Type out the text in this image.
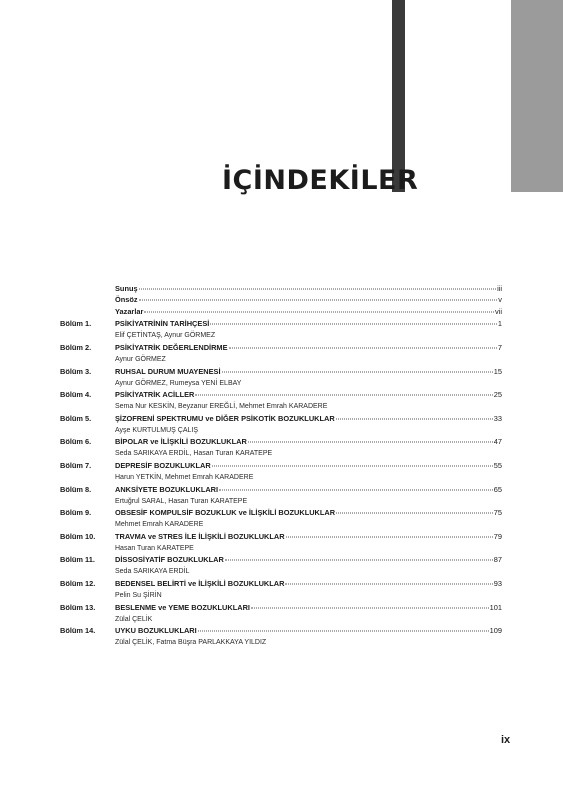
İÇİNDEKİLER
Sunuş	iii
Önsöz	v
Yazarlar	vii
Bölüm 1.	PSİKİYATRİNİN TARİHÇESİ	1
Elif ÇETİNTAŞ, Aynur GÖRMEZ
Bölüm 2.	PSİKİYATRİK DEĞERLENDİRME	7
Aynur GÖRMEZ
Bölüm 3.	RUHSAL DURUM MUAYENESİ	15
Aynur GÖRMEZ, Rumeysa YENİ ELBAY
Bölüm 4.	PSİKİYATRİK ACİLLER	25
Sema Nur KESKİN, Beyzanur EREĞLİ, Mehmet Emrah KARADERE
Bölüm 5.	ŞİZOFRENİ SPEKTRUMU ve DİĞER PSİKOTİK BOZUKLUKLAR	33
Ayşe KURTULMUŞ ÇALIŞ
Bölüm 6.	BİPOLAR ve İLİŞKİLİ BOZUKLUKLAR	47
Seda SARIKAYA ERDİL, Hasan Turan KARATEPE
Bölüm 7.	DEPRESİF BOZUKLUKLAR	55
Harun YETKİN, Mehmet Emrah KARADERE
Bölüm 8.	ANKSİYETE BOZUKLUKLARI	65
Ertuğrul SARAL, Hasan Turan KARATEPE
Bölüm 9.	OBSESİF KOMPULSİF BOZUKLUK ve İLİŞKİLİ BOZUKLUKLAR	75
Mehmet Emrah KARADERE
Bölüm 10.	TRAVMA ve STRES İLE İLİŞKİLİ BOZUKLUKLAR	79
Hasan Turan KARATEPE
Bölüm 11.	DİSSOSİYATİF BOZUKLUKLAR	87
Seda SARIKAYA ERDİL
Bölüm 12.	BEDENSEL BELİRTİ ve İLİŞKİLİ BOZUKLUKLAR	93
Pelin Su ŞİRİN
Bölüm 13.	BESLENME ve YEME BOZUKLUKLARI	101
Zülal ÇELİK
Bölüm 14.	UYKU BOZUKLUKLARI	109
Zülal ÇELİK, Fatma Büşra PARLAKKAYA YILDIZ
ix
